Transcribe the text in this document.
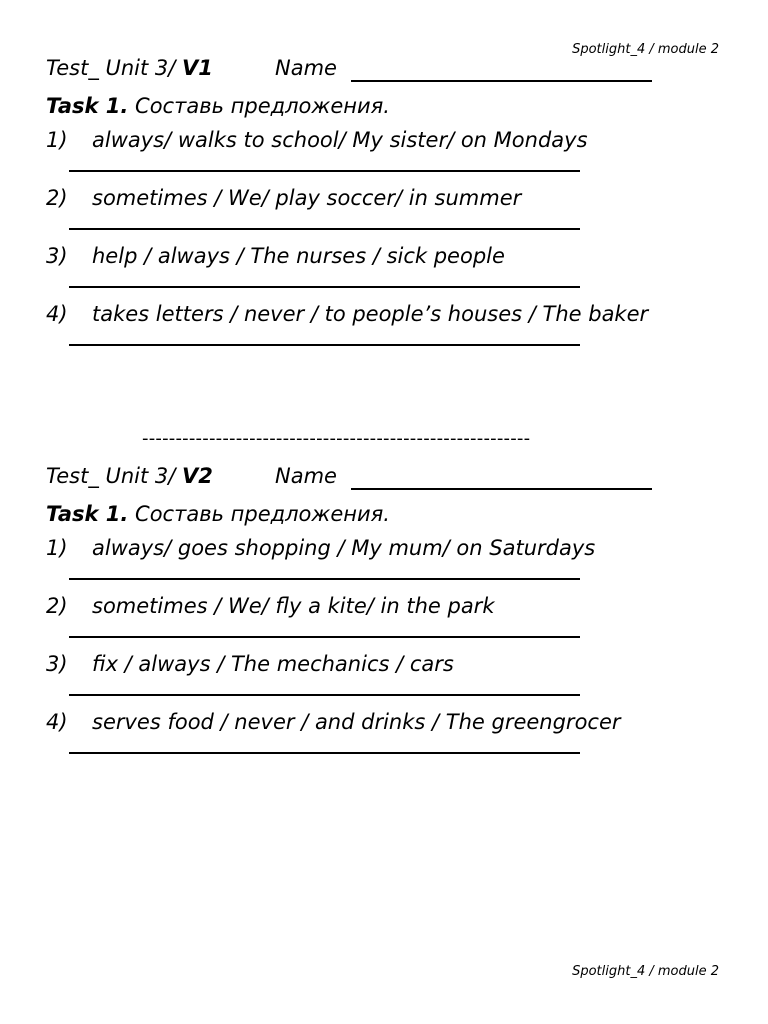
Spotlight_4 / module 2
Test_ Unit 3/ V1	Name
Task 1. Составь предложения.
1) always/ walks to school/ My sister/ on Mondays
2) sometimes / We/ play soccer/ in summer
3) help / always / The nurses / sick people
4) takes letters / never / to people’s houses / The baker
----------------------------------------------------------
Test_ Unit 3/ V2	Name
Task 1. Составь предложения.
1) always/ goes shopping / My mum/ on Saturdays
2) sometimes / We/ fly a kite/ in the park
3) fix / always / The mechanics / cars
4) serves food / never / and drinks / The greengrocer
Spotlight_4 / module 2
